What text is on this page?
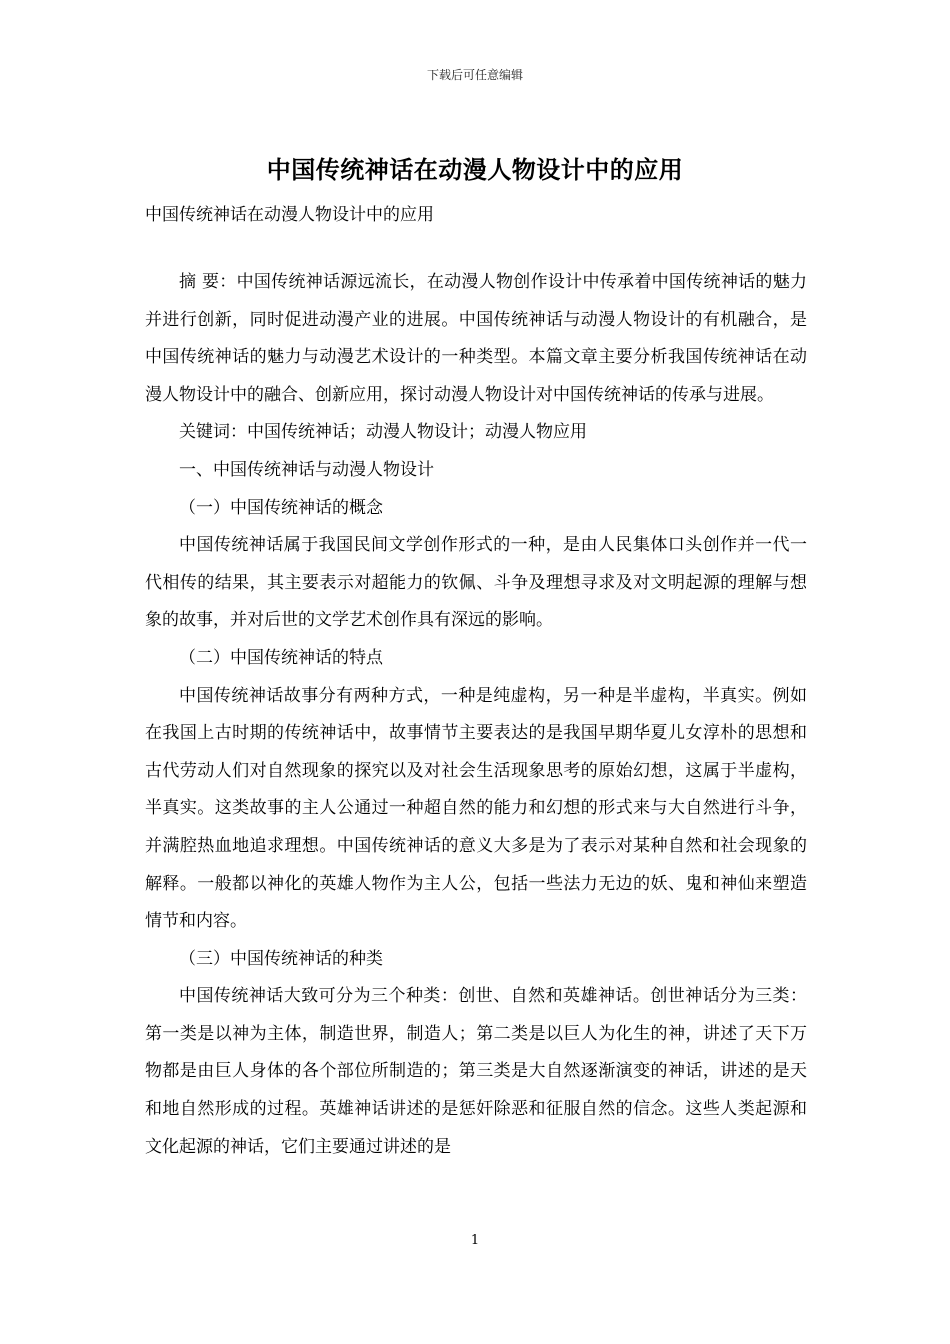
下载后可任意编辑
中国传统神话在动漫人物设计中的应用
中国传统神话在动漫人物设计中的应用

摘 要：中国传统神话源远流长，在动漫人物创作设计中传承着中国传统神话的魅力并进行创新，同时促进动漫产业的进展。中国传统神话与动漫人物设计的有机融合，是中国传统神话的魅力与动漫艺术设计的一种类型。本篇文章主要分析我国传统神话在动漫人物设计中的融合、创新应用，探讨动漫人物设计对中国传统神话的传承与进展。

关键词：中国传统神话；动漫人物设计；动漫人物应用

一、中国传统神话与动漫人物设计

（一）中国传统神话的概念

中国传统神话属于我国民间文学创作形式的一种，是由人民集体口头创作并一代一代相传的结果，其主要表示对超能力的钦佩、斗争及理想寻求及对文明起源的理解与想象的故事，并对后世的文学艺术创作具有深远的影响。

（二）中国传统神话的特点

中国传统神话故事分有两种方式，一种是纯虚构，另一种是半虚构，半真实。例如在我国上古时期的传统神话中，故事情节主要表达的是我国早期华夏儿女淳朴的思想和古代劳动人们对自然现象的探究以及对社会生活现象思考的原始幻想，这属于半虚构，半真实。这类故事的主人公通过一种超自然的能力和幻想的形式来与大自然进行斗争，并满腔热血地追求理想。中国传统神话的意义大多是为了表示对某种自然和社会现象的解释。一般都以神化的英雄人物作为主人公，包括一些法力无边的妖、鬼和神仙来塑造情节和内容。

（三）中国传统神话的种类

中国传统神话大致可分为三个种类：创世、自然和英雄神话。创世神话分为三类：第一类是以神为主体，制造世界，制造人；第二类是以巨人为化生的神，讲述了天下万物都是由巨人身体的各个部位所制造的；第三类是大自然逐渐演变的神话，讲述的是天和地自然形成的过程。英雄神话讲述的是惩奸除恶和征服自然的信念。这些人类起源和文化起源的神话，它们主要通过讲述的是

1
